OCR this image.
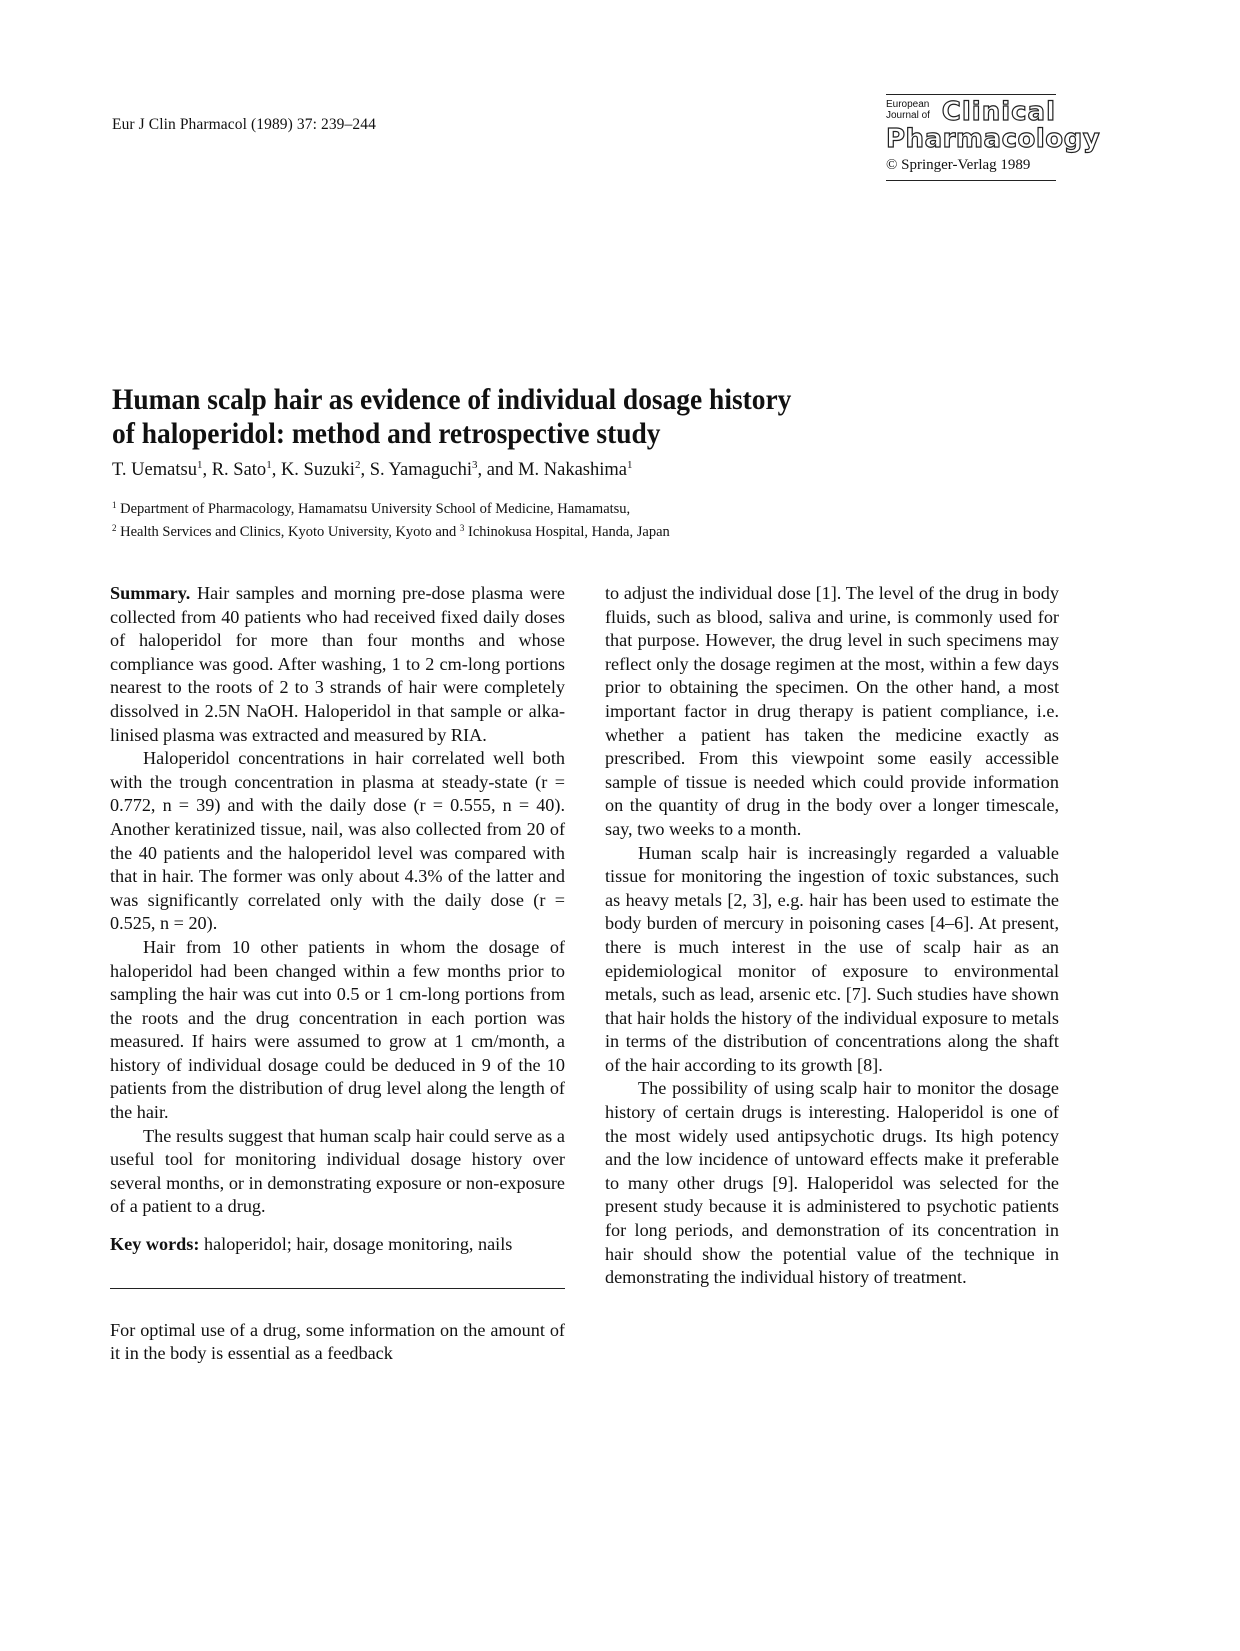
Eur J Clin Pharmacol (1989) 37: 239–244
European Journal of Clinical
Pharmacology
© Springer-Verlag 1989
Human scalp hair as evidence of individual dosage history
of haloperidol: method and retrospective study
T. Uematsu$^1$, R. Sato$^1$, K. Suzuki$^2$, S. Yamaguchi$^3$, and M. Nakashima$^1$
$^1$ Department of Pharmacology, Hamamatsu University School of Medicine, Hamamatsu,
$^2$ Health Services and Clinics, Kyoto University, Kyoto and $^3$ Ichinokusa Hospital, Handa, Japan

Summary. Hair samples and morning pre-dose plasma were collected from 40 patients who had received fixed daily doses of haloperidol for more than four months and whose compliance was good. After washing, 1 to 2 cm-long portions nearest to the roots of 2 to 3 strands of hair were completely dissolved in 2.5N NaOH. Haloperidol in that sample or alkalinised plasma was extracted and measured by RIA.

Haloperidol concentrations in hair correlated well both with the trough concentration in plasma at steady-state (r = 0.772, n = 39) and with the daily dose (r = 0.555, n = 40). Another keratinized tissue, nail, was also collected from 20 of the 40 patients and the haloperidol level was compared with that in hair. The former was only about 4.3% of the latter and was significantly correlated only with the daily dose (r = 0.525, n = 20).

Hair from 10 other patients in whom the dosage of haloperidol had been changed within a few months prior to sampling the hair was cut into 0.5 or 1 cm-long portions from the roots and the drug concentration in each portion was measured. If hairs were assumed to grow at 1 cm/month, a history of individual dosage could be deduced in 9 of the 10 patients from the distribution of drug level along the length of the hair.

The results suggest that human scalp hair could serve as a useful tool for monitoring individual dosage history over several months, or in demonstrating exposure or non-exposure of a patient to a drug.

Key words: haloperidol; hair, dosage monitoring, nails

For optimal use of a drug, some information on the amount of it in the body is essential as a feedback

to adjust the individual dose [1]. The level of the drug in body fluids, such as blood, saliva and urine, is commonly used for that purpose. However, the drug level in such specimens may reflect only the dosage regimen at the most, within a few days prior to obtaining the specimen. On the other hand, a most important factor in drug therapy is patient compliance, i.e. whether a patient has taken the medicine exactly as prescribed. From this viewpoint some easily accessible sample of tissue is needed which could provide information on the quantity of drug in the body over a longer timescale, say, two weeks to a month.

Human scalp hair is increasingly regarded a valuable tissue for monitoring the ingestion of toxic substances, such as heavy metals [2, 3], e.g. hair has been used to estimate the body burden of mercury in poisoning cases [4–6]. At present, there is much interest in the use of scalp hair as an epidemiological monitor of exposure to environmental metals, such as lead, arsenic etc. [7]. Such studies have shown that hair holds the history of the individual exposure to metals in terms of the distribution of concentrations along the shaft of the hair according to its growth [8].

The possibility of using scalp hair to monitor the dosage history of certain drugs is interesting. Haloperidol is one of the most widely used antipsychotic drugs. Its high potency and the low incidence of untoward effects make it preferable to many other drugs [9]. Haloperidol was selected for the present study because it is administered to psychotic patients for long periods, and demonstration of its concentration in hair should show the potential value of the technique in demonstrating the individual history of treatment.
